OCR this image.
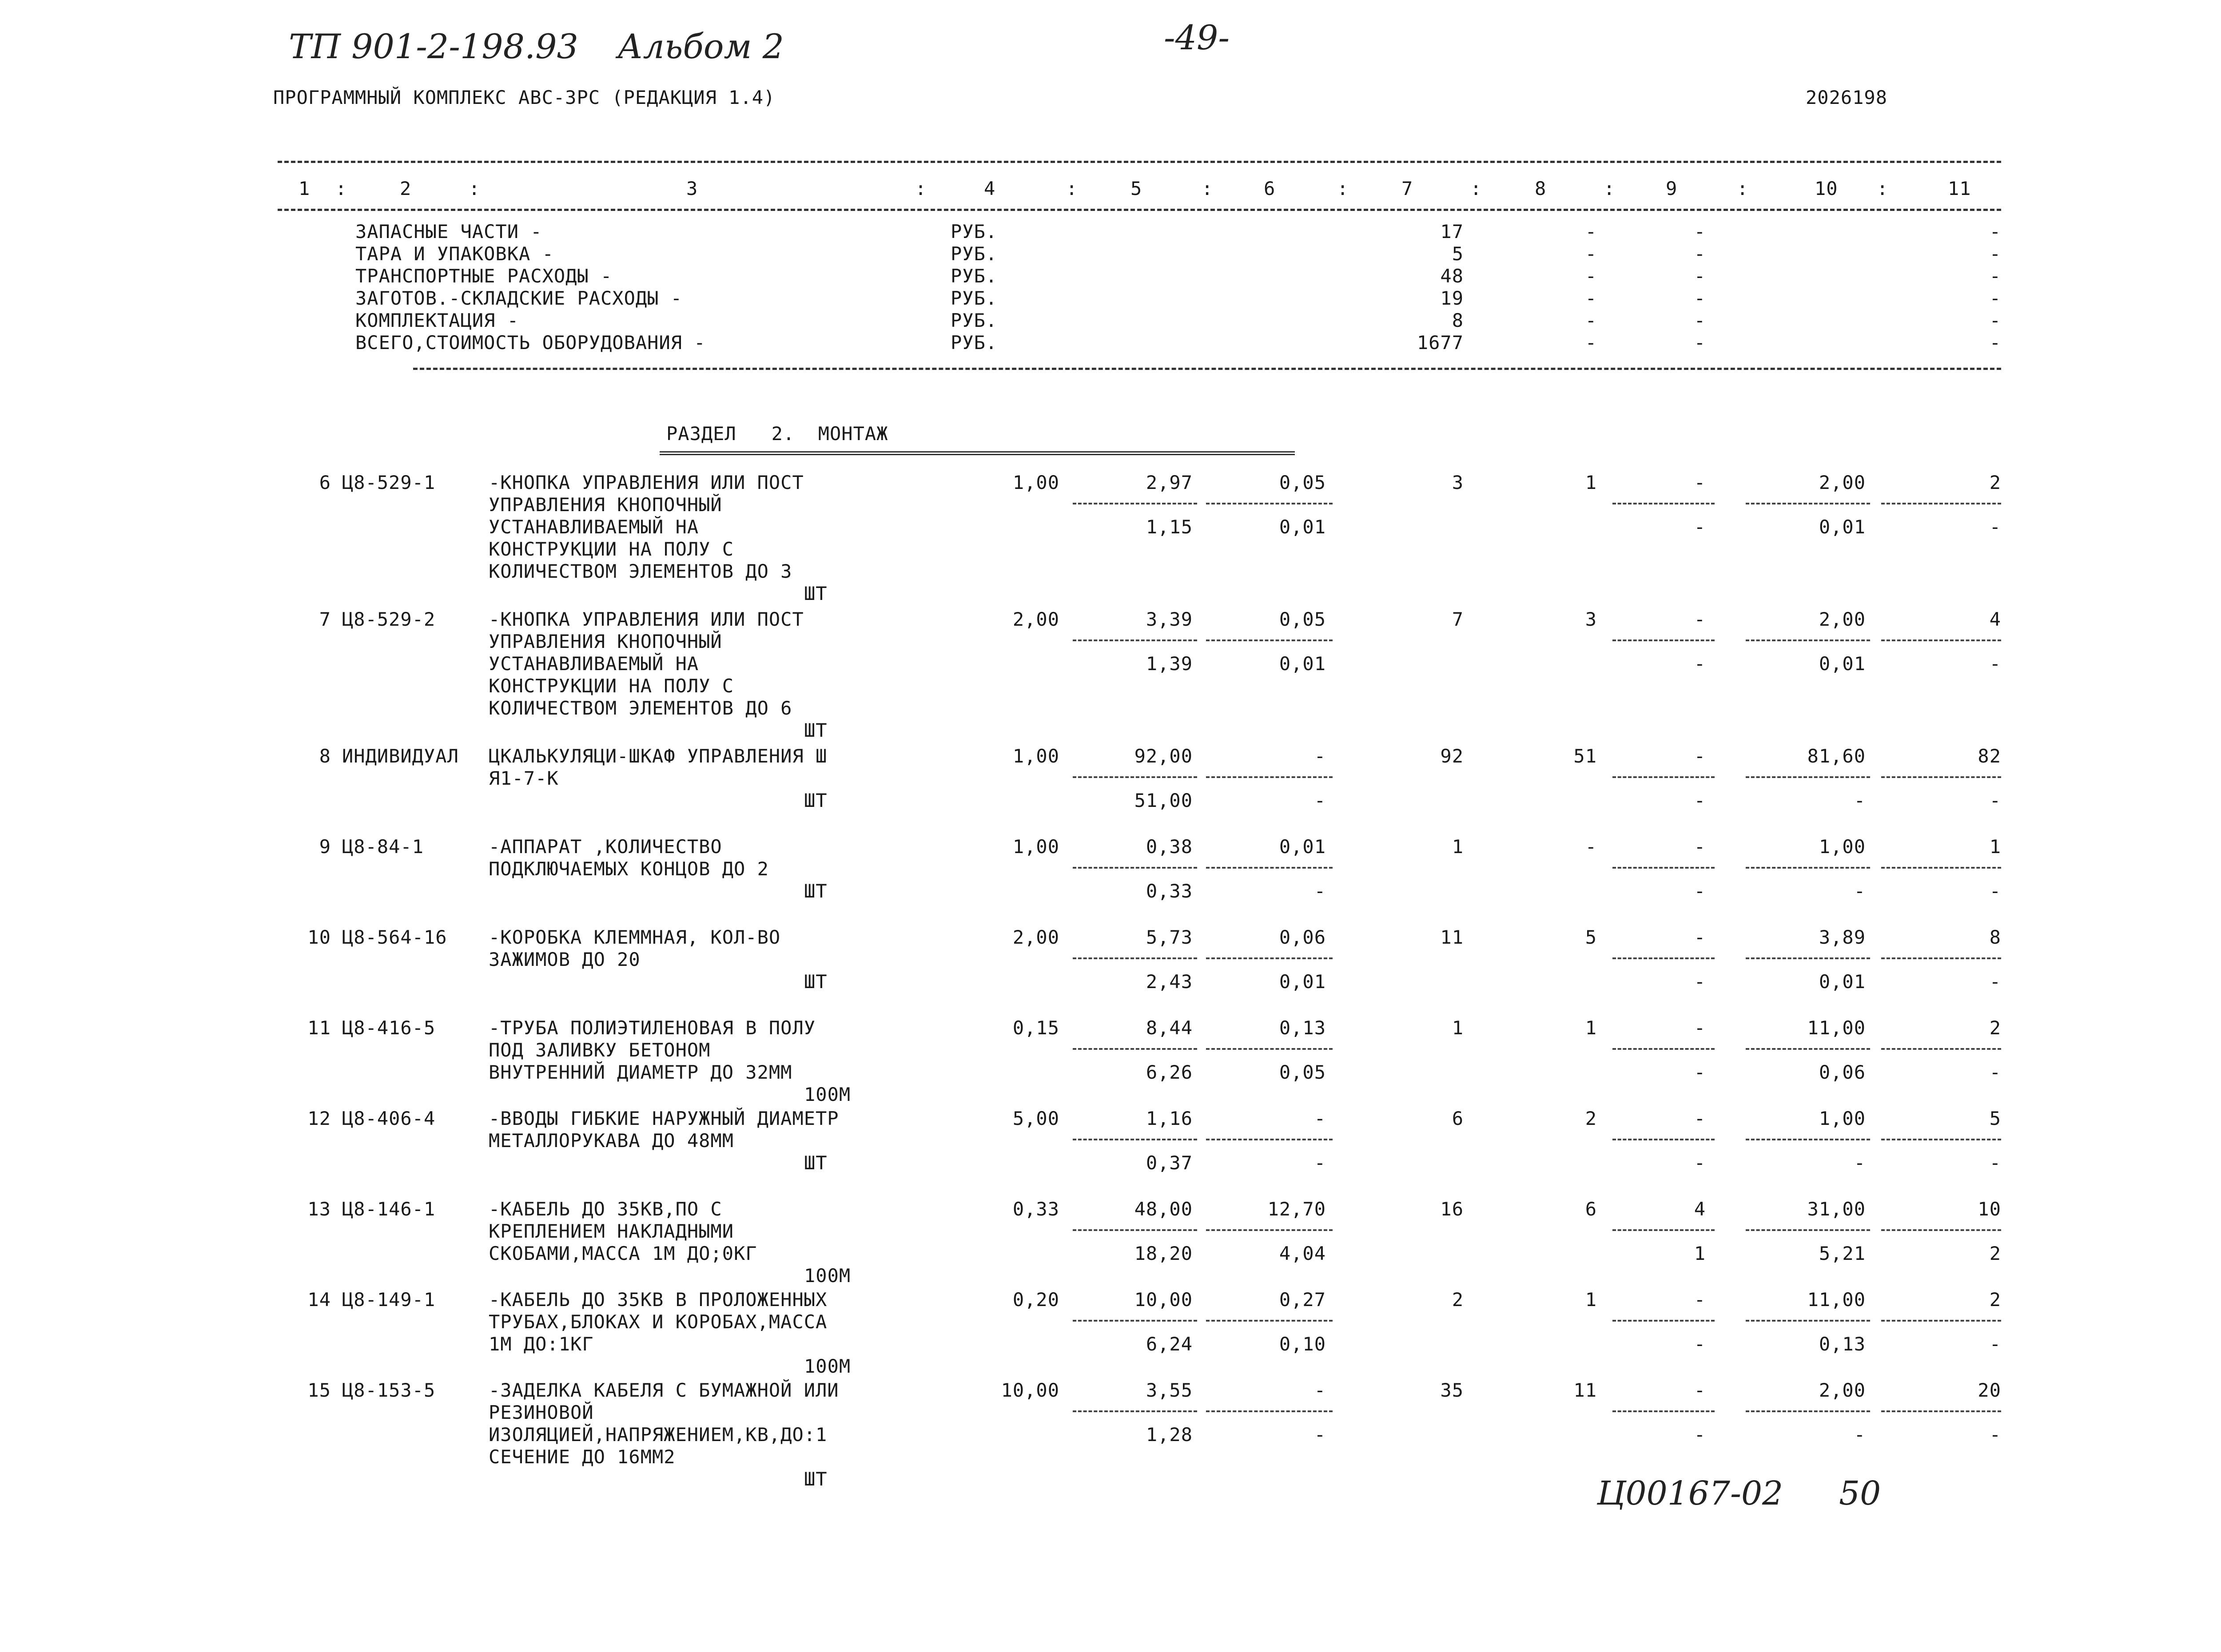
ТП 901-2-198.93 Альбом 2	-49-
ПРОГРАММНЫЙ КОМПЛЕКС АВС-ЗРС (РЕДАКЦИЯ 1.4)	2026198
1	2	3	4	5	6	7	8	9	10	11
:	:	:	:	:	:	:	:	:	:
ЗАПАСНЫЕ ЧАСТИ -	РУБ.	17	-	-	-
ТАРА И УПАКОВКА -	РУБ.	5	-	-	-
ТРАНСПОРТНЫЕ РАСХОДЫ -	РУБ.	48	-	-	-
ЗАГОТОВ.-СКЛАДСКИЕ РАСХОДЫ -	РУБ.	19	-	-	-
КОМПЛЕКТАЦИЯ -	РУБ.	8	-	-	-
ВСЕГО,СТОИМОСТЬ ОБОРУДОВАНИЯ -	РУБ.	1677	-	-	-
РАЗДЕЛ   2.  МОНТАЖ
6 Ц8-529-1	-КНОПКА УПРАВЛЕНИЯ ИЛИ ПОСТ
УПРАВЛЕНИЯ КНОПОЧНЫЙ
УСТАНАВЛИВАЕМЫЙ НА
КОНСТРУКЦИИ НА ПОЛУ С
КОЛИЧЕСТВОМ ЭЛЕМЕНТОВ ДО 3
ШТ
1,00	2,97	0,05	3	1	-	2,00	2
1,15	0,01	-	0,01	-
7 Ц8-529-2	-КНОПКА УПРАВЛЕНИЯ ИЛИ ПОСТ
УПРАВЛЕНИЯ КНОПОЧНЫЙ
УСТАНАВЛИВАЕМЫЙ НА
КОНСТРУКЦИИ НА ПОЛУ С
КОЛИЧЕСТВОМ ЭЛЕМЕНТОВ ДО 6
ШТ
2,00	3,39	0,05	7	3	-	2,00	4
1,39	0,01	-	0,01	-
8 ИНДИВИДУАЛ ЦКАЛЬКУЛЯЦИ-ШКАФ УПРАВЛЕНИЯ Ш
Я1-7-К
ШТ
1,00	92,00	-	92	51	-	81,60	82
51,00	-	-	-	-
9 Ц8-84-1	-АППАРАТ ,КОЛИЧЕСТВО
ПОДКЛЮЧАЕМЫХ КОНЦОВ ДО 2
ШТ
1,00	0,38	0,01	1	-	-	1,00	1
0,33	-	-	-	-
10 Ц8-564-16 -КОРОБКА КЛЕММНАЯ, КОЛ-ВО
ЗАЖИМОВ ДО 20
ШТ
2,00	5,73	0,06	11	5	-	3,89	8
2,43	0,01	-	0,01	-
11 Ц8-416-5	-ТРУБА ПОЛИЭТИЛЕНОВАЯ В ПОЛУ
ПОД ЗАЛИВКУ БЕТОНОМ
ВНУТРЕННИЙ ДИАМЕТР ДО 32ММ
100М
0,15	8,44	0,13	1	1	-	11,00	2
6,26	0,05	-	0,06	-
12 Ц8-406-4	-ВВОДЫ ГИБКИЕ НАРУЖНЫЙ ДИАМЕТР
МЕТАЛЛОРУКАВА ДО 48ММ
ШТ
5,00	1,16	-	6	2	-	1,00	5
0,37	-	-	-	-
13 Ц8-146-1	-КАБЕЛЬ ДО 35КВ,ПО С
КРЕПЛЕНИЕМ НАКЛАДНЫМИ
СКОБАМИ,МАССА 1М ДО;0КГ
100М
0,33	48,00	12,70	16	6	4	31,00	10
18,20	4,04	1	5,21	2
14 Ц8-149-1	-КАБЕЛЬ ДО 35КВ В ПРОЛОЖЕННЫХ
ТРУБАХ,БЛОКАХ И КОРОБАХ,МАССА
1М ДО:1КГ
100М
0,20	10,00	0,27	2	1	-	11,00	2
6,24	0,10	-	0,13	-
15 Ц8-153-5	-ЗАДЕЛКА КАБЕЛЯ С БУМАЖНОЙ ИЛИ
РЕЗИНОВОЙ
ИЗОЛЯЦИЕЙ,НАПРЯЖЕНИЕМ,КВ,ДО:1
СЕЧЕНИЕ ДО 16ММ2
ШТ
10,00	3,55	-	35	11	-	2,00	20
1,28	-	-	-	-
Ц00167-02 50
